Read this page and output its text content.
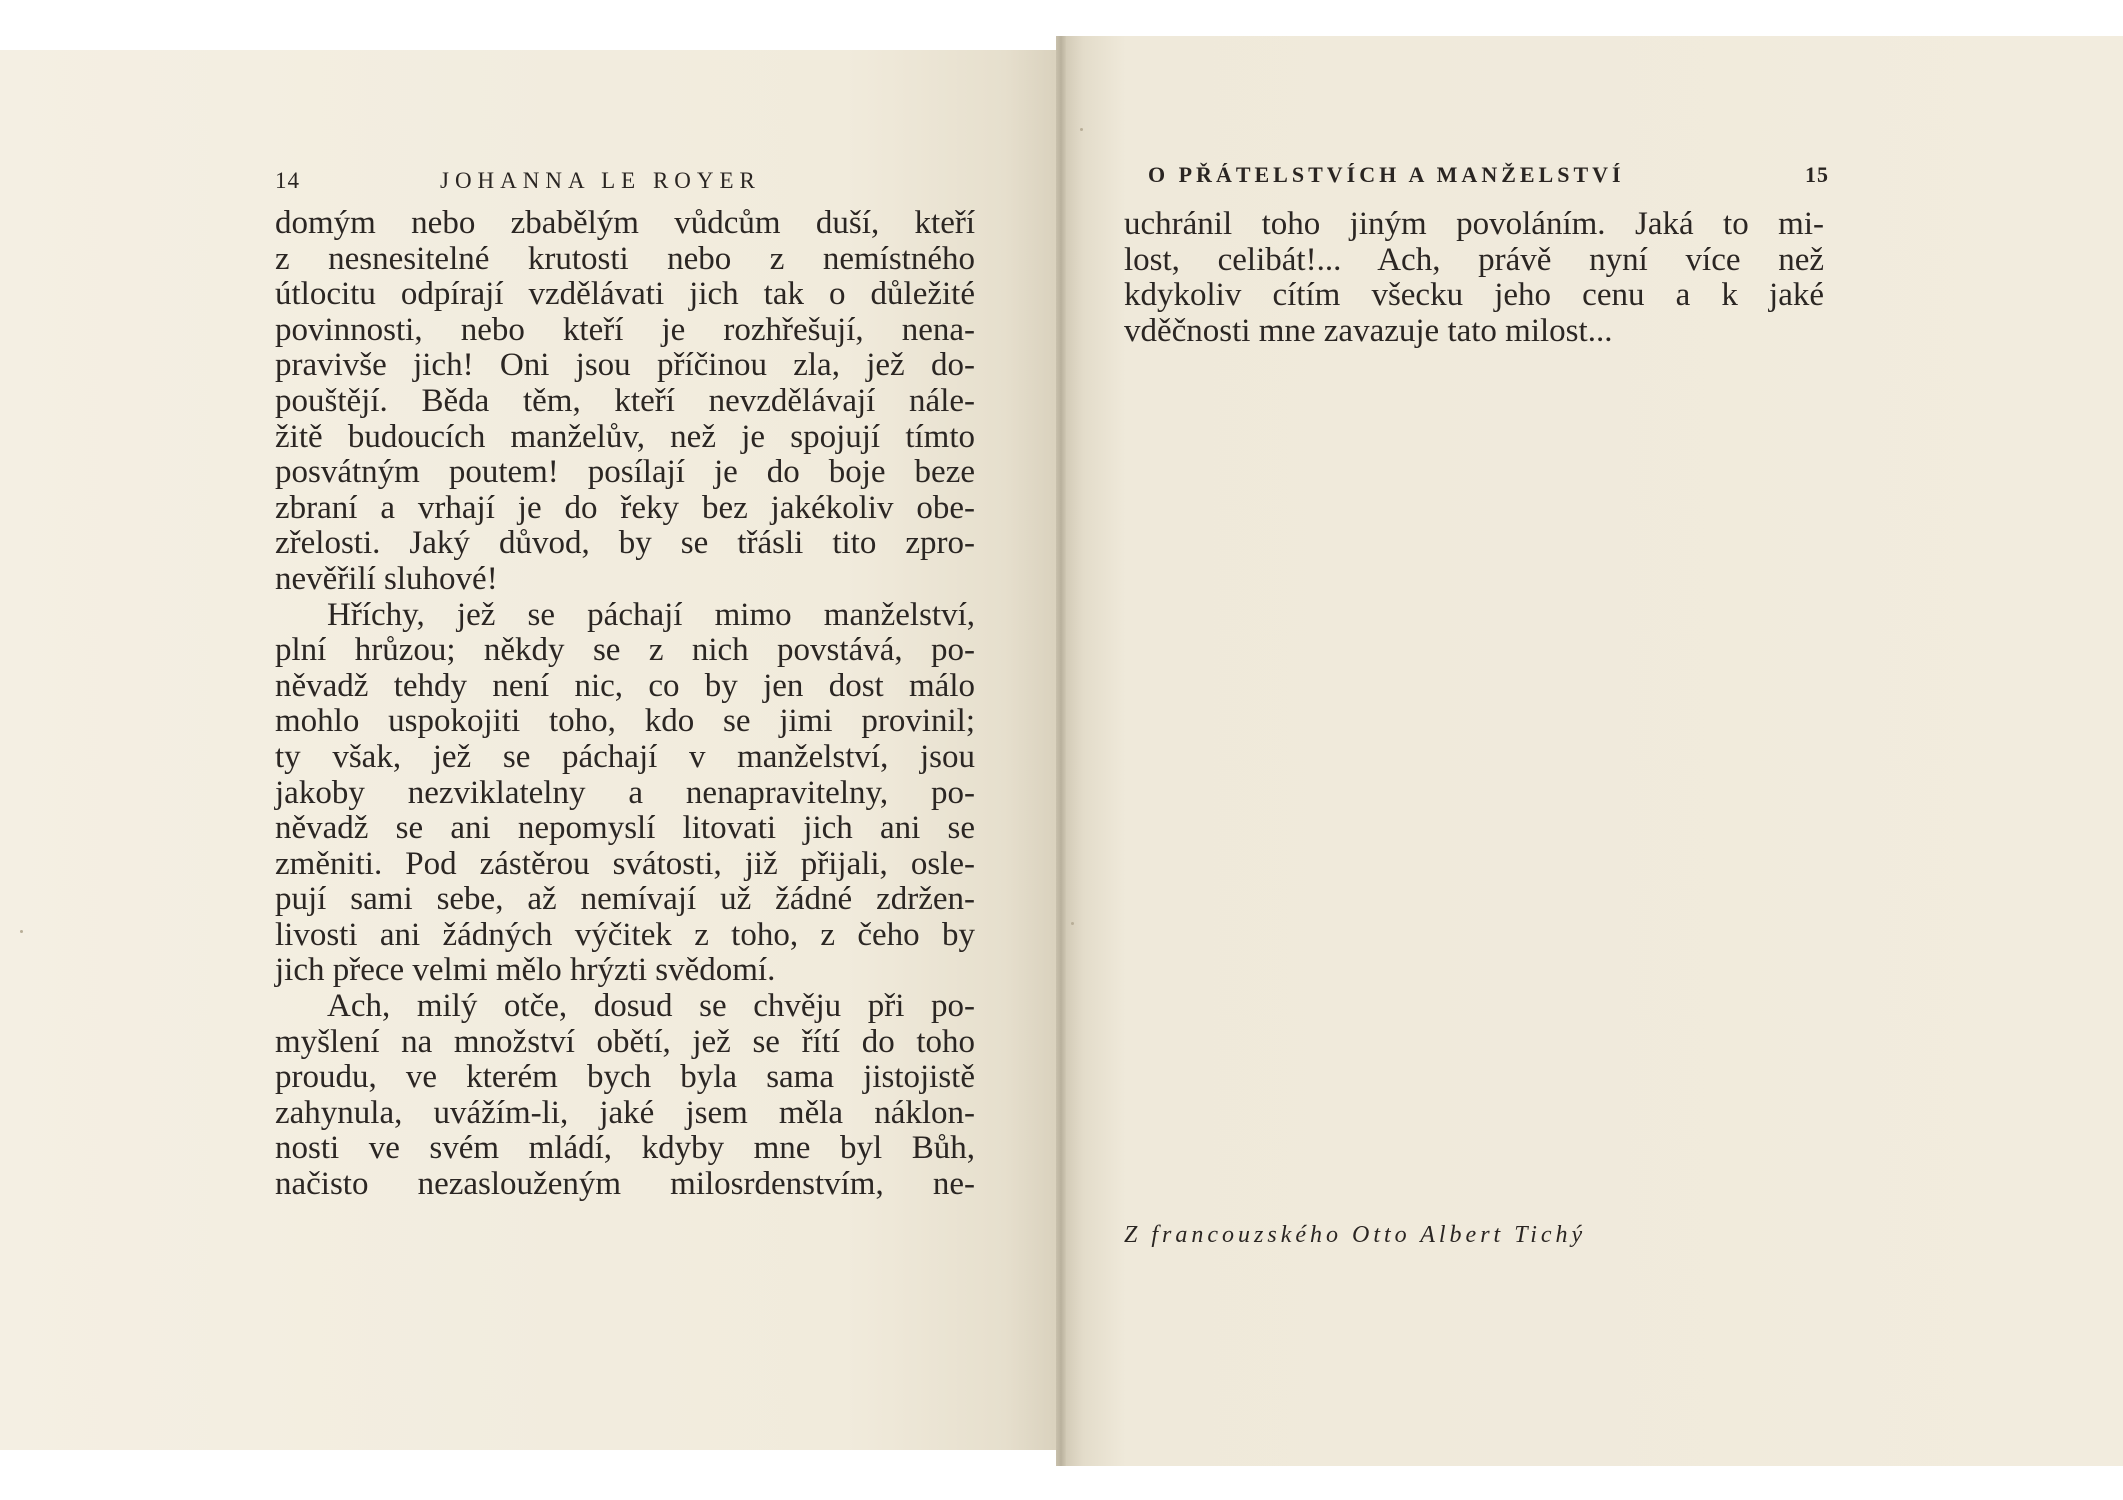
14	JOHANNA LE ROYER	O PŘÁTELSTVÍCH A MANŽELSTVÍ	15
domým nebo zbabělým vůdcům duší, kteří
z nesnesitelné krutosti nebo z nemístného
útlocitu odpírají vzdělávati jich tak o důležité
povinnosti, nebo kteří je rozhřešují, nena‑
pravivše jich! Oni jsou příčinou zla, jež do‑
pouštějí. Běda těm, kteří nevzdělávají nále‑
žitě budoucích manželův, než je spojují tímto
posvátným poutem! posílají je do boje beze
zbraní a vrhají je do řeky bez jakékoliv obe‑
zřelosti. Jaký důvod, by se třásli tito zpro‑
nevěřilí sluhové!
Hříchy, jež se páchají mimo manželství,
plní hrůzou; někdy se z nich povstává, po‑
něvadž tehdy není nic, co by jen dost málo
mohlo uspokojiti toho, kdo se jimi provinil;
ty však, jež se páchají v manželství, jsou
jakoby nezviklatelny a nenapravitelny, po‑
něvadž se ani nepomyslí litovati jich ani se
změniti. Pod zástěrou svátosti, již přijali, osle‑
pují sami sebe, až nemívají už žádné zdržen‑
livosti ani žádných výčitek z toho, z čeho by
jich přece velmi mělo hrýzti svědomí.
Ach, milý otče, dosud se chvěju při po‑
myšlení na množství obětí, jež se řítí do toho
proudu, ve kterém bych byla sama jistojistě
zahynula, uvážím‑li, jaké jsem měla náklon‑
nosti ve svém mládí, kdyby mne byl Bůh,
načisto nezaslouženým milosrdenstvím, ne‑
uchránil toho jiným povoláním. Jaká to mi‑
lost, celibát!... Ach, právě nyní více než
kdykoliv cítím všecku jeho cenu a k jaké
vděčnosti mne zavazuje tato milost...
Z francouzského Otto Albert Tichý
